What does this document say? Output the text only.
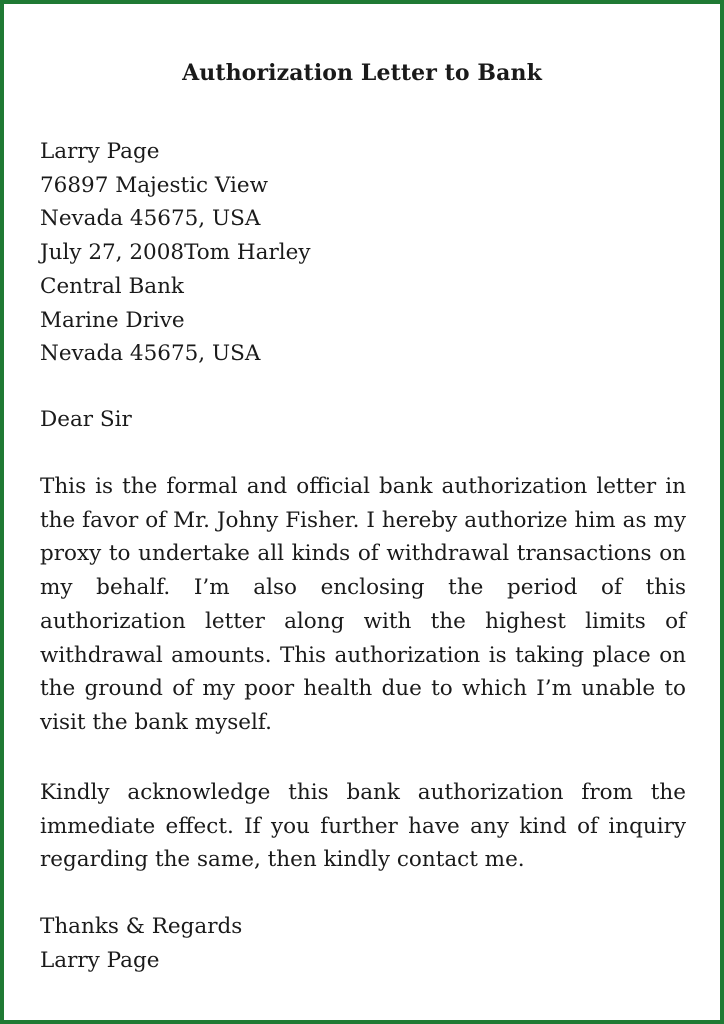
Authorization Letter to Bank
Larry Page
76897 Majestic View
Nevada 45675, USA
July 27, 2008Tom Harley
Central Bank
Marine Drive
Nevada 45675, USA
Dear Sir

This is the formal and official bank authorization letter in the favor of Mr. Johny Fisher. I hereby authorize him as my proxy to undertake all kinds of withdrawal transactions on my behalf. I’m also enclosing the period of this authorization letter along with the highest limits of withdrawal amounts. This authorization is taking place on the ground of my poor health due to which I’m unable to visit the bank myself.

Kindly acknowledge this bank authorization from the immediate effect. If you further have any kind of inquiry regarding the same, then kindly contact me.

Thanks & Regards
Larry Page
